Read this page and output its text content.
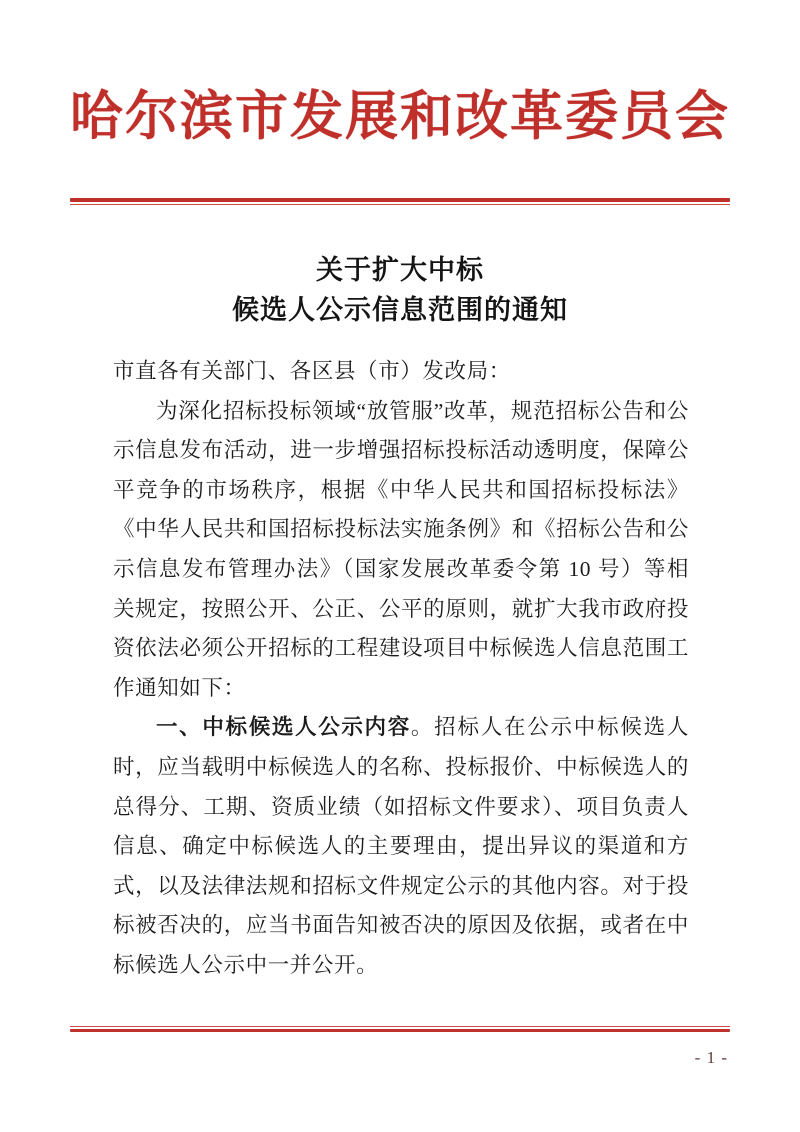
哈尔滨市发展和改革委员会
关于扩大中标
候选人公示信息范围的通知

市直各有关部门、各区县（市）发改局：

为深化招标投标领域“放管服”改革，规范招标公告和公示信息发布活动，进一步增强招标投标活动透明度，保障公平竞争的市场秩序，根据《中华人民共和国招标投标法》《中华人民共和国招标投标法实施条例》和《招标公告和公示信息发布管理办法》（国家发展改革委令第 10 号）等相关规定，按照公开、公正、公平的原则，就扩大我市政府投资依法必须公开招标的工程建设项目中标候选人信息范围工作通知如下：

一、中标候选人公示内容。招标人在公示中标候选人时，应当载明中标候选人的名称、投标报价、中标候选人的总得分、工期、资质业绩（如招标文件要求）、项目负责人信息、确定中标候选人的主要理由，提出异议的渠道和方式，以及法律法规和招标文件规定公示的其他内容。对于投标被否决的，应当书面告知被否决的原因及依据，或者在中标候选人公示中一并公开。

- 1 -
